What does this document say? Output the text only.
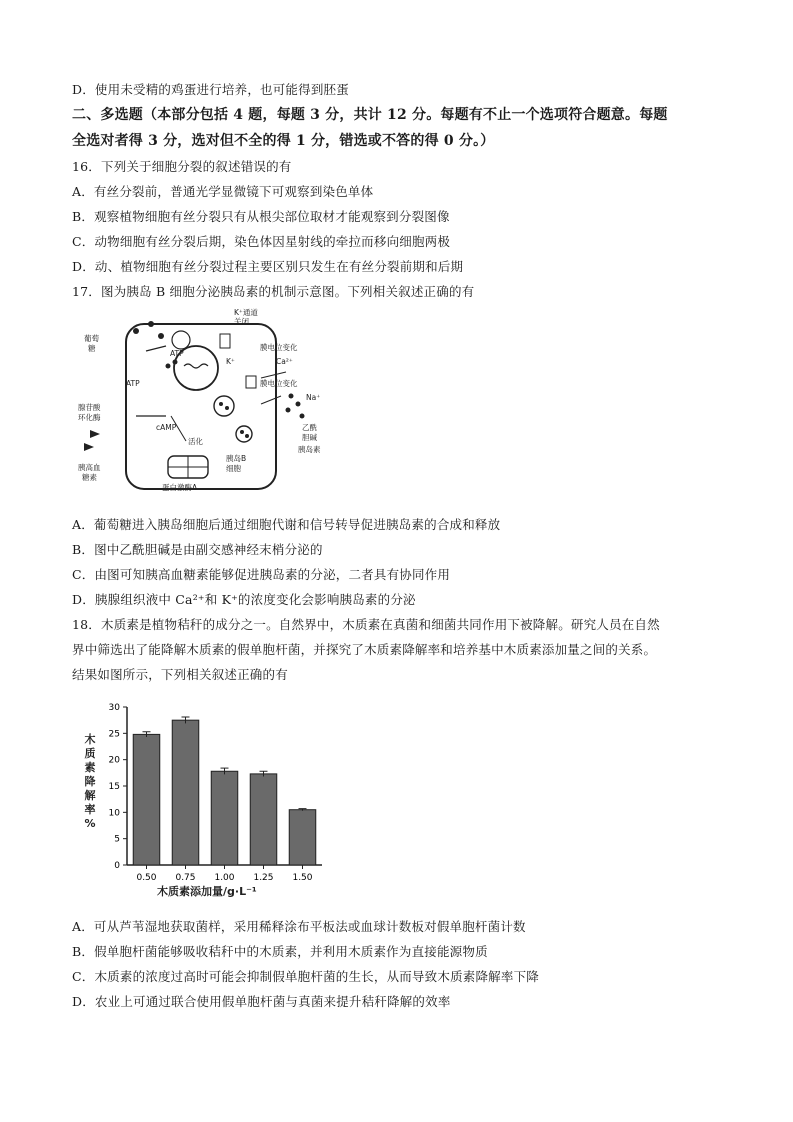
D．使用未受精的鸡蛋进行培养，也可能得到胚蛋
二、多选题（本部分包括 4 题，每题 3 分，共计 12 分。每题有不止一个选项符合题意。每题
全选对者得 3 分，选对但不全的得 1 分，错选或不答的得 0 分。）
16．下列关于细胞分裂的叙述错误的有
A．有丝分裂前，普通光学显微镜下可观察到染色单体
B．观察植物细胞有丝分裂只有从根尖部位取材才能观察到分裂图像
C．动物细胞有丝分裂后期，染色体因星射线的牵拉而移向细胞两极
D．动、植物细胞有丝分裂过程主要区别只发生在有丝分裂前期和后期
17．图为胰岛 B 细胞分泌胰岛素的机制示意图。下列相关叙述正确的有
K⁺通道
关闭
膜电位变化
Ca²⁺
膜电位变化
Na⁺
葡萄
糖
ATP
ATP
K⁺
腺苷酸
环化酶
cAMP
活化
胰高血
糖素
乙酰
胆碱
胰岛素
胰岛B
细胞
蛋白激酶A
A．葡萄糖进入胰岛细胞后通过细胞代谢和信号转导促进胰岛素的合成和释放
B．图中乙酰胆碱是由副交感神经末梢分泌的
C．由图可知胰高血糖素能够促进胰岛素的分泌，二者具有协同作用
D．胰腺组织液中 Ca²⁺和 K⁺的浓度变化会影响胰岛素的分泌
18．木质素是植物秸秆的成分之一。自然界中，木质素在真菌和细菌共同作用下被降解。研究人员在自然
界中筛选出了能降解木质素的假单胞杆菌，并探究了木质素降解率和培养基中木质素添加量之间的关系。
结果如图所示，下列相关叙述正确的有
0
5
10
15
20
25
30
0.50 0.75 1.00 1.25 1.50
木质素降解率%
木质素添加量/g·L⁻¹
A．可从芦苇湿地获取菌样，采用稀释涂布平板法或血球计数板对假单胞杆菌计数
B．假单胞杆菌能够吸收秸秆中的木质素，并利用木质素作为直接能源物质
C．木质素的浓度过高时可能会抑制假单胞杆菌的生长，从而导致木质素降解率下降
D．农业上可通过联合使用假单胞杆菌与真菌来提升秸秆降解的效率
